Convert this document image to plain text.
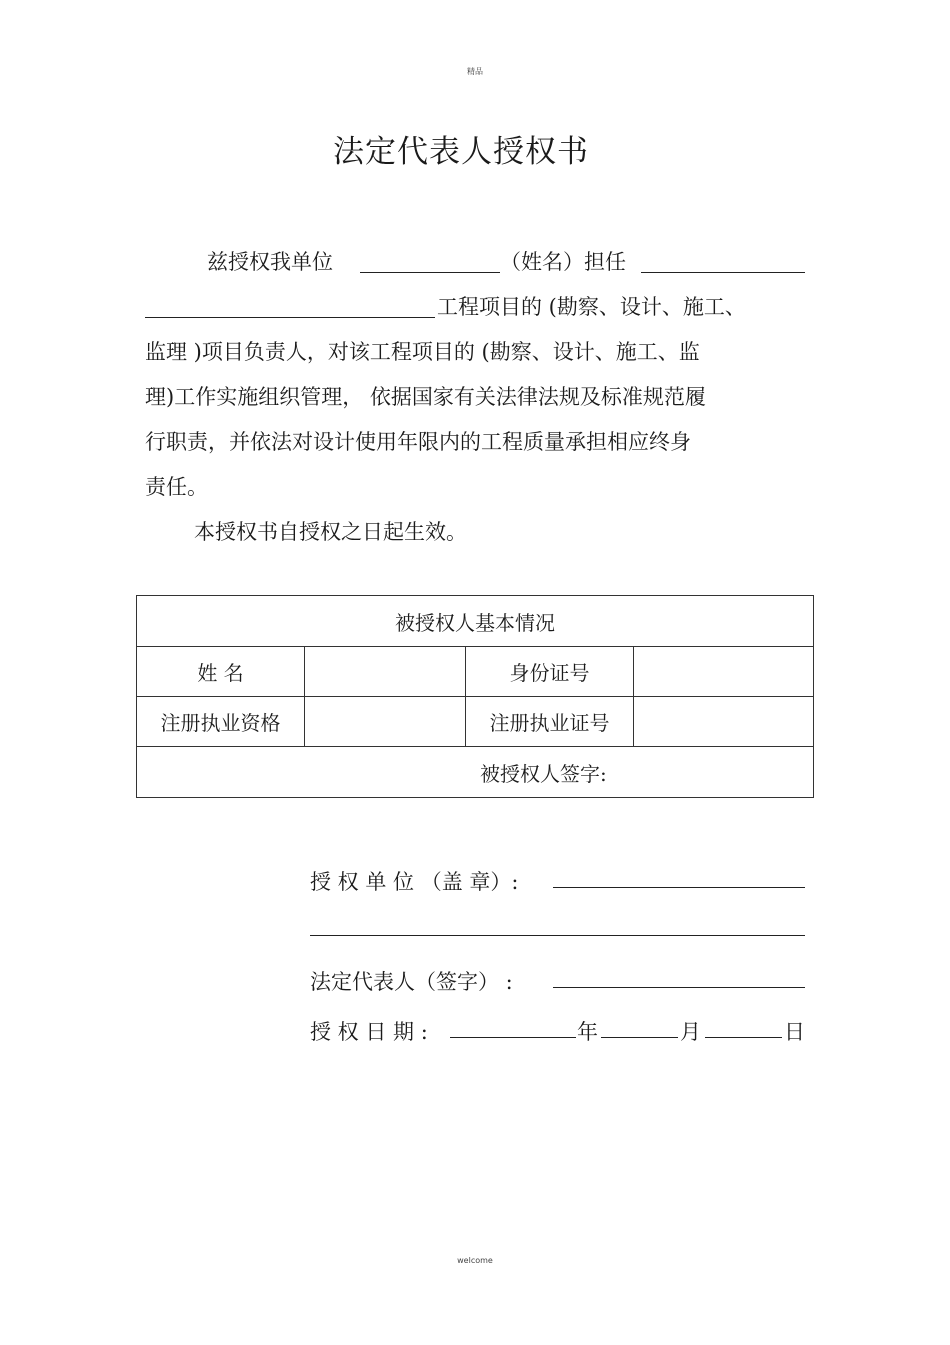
精品
法定代表人授权书
兹授权我单位	（姓名）担任
工程项目的 (勘察、设计、施工、
监理 )项目负责人，对该工程项目的 (勘察、设计、施工、监
理)工作实施组织管理， 依据国家有关法律法规及标准规范履
行职责，并依法对设计使用年限内的工程质量承担相应终身
责任。
本授权书自授权之日起生效。
被授权人基本情况			
姓 名		身份证号	
注册执业资格		注册执业证号	
被授权人签字:			
授 权 单 位 （盖 章）:
法定代表人（签字） :
授 权 日 期 :	年	月	日
welcome
